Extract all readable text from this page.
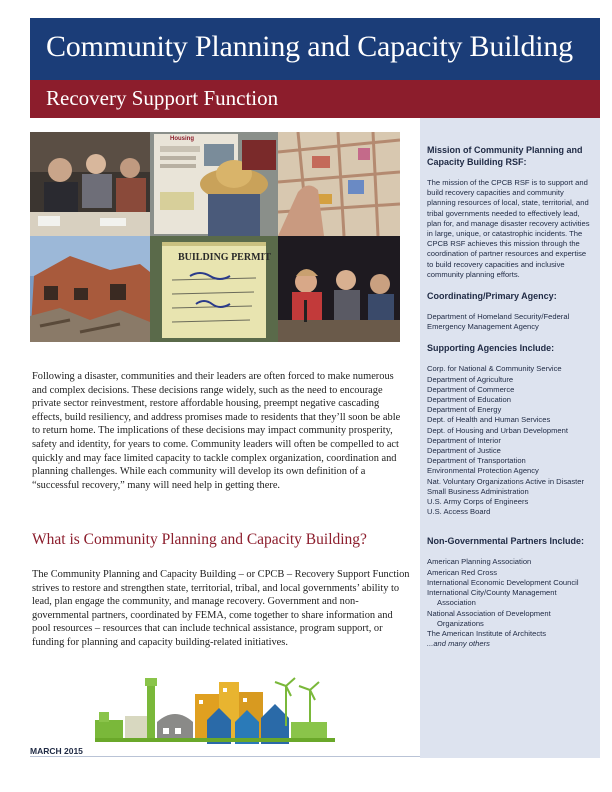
Community Planning and Capacity Building
Recovery Support Function
Housing
BUILDING PERMIT

Following a disaster, communities and their leaders are often forced to make numerous and complex decisions. These decisions range widely, such as the need to encourage private sector reinvestment, restore affordable housing, preempt negative cascading effects, build resiliency, and address promises made to residents that they’ll soon be able to return home. The implications of these decisions may impact community prosperity, safety and identity, for years to come. Community leaders will often be compelled to act quickly and may face limited capacity to tackle complex organization, coordination and planning challenges. While each community will develop its own definition of a “successful recovery,” many will need help in getting there.

What is Community Planning and Capacity Building?

The Community Planning and Capacity Building – or CPCB – Recovery Support Function strives to restore and strengthen state, territorial, tribal, and local governments’ ability to lead, plan engage the community, and manage recovery. Government and non-governmental partners, coordinated by FEMA, come together to share information and pool resources – resources that can include technical assistance, program support, or funding for planning and capacity building-related initiatives.

Mission of Community Planning and Capacity Building RSF:
The mission of the CPCB RSF is to support and build recovery capacities and community planning resources of local, state, territorial, and tribal governments needed to effectively lead, plan for, and manage disaster recovery activities in large, unique, or catastrophic incidents. The CPCB RSF achieves this mission through the coordination of partner resources and expertise to build recovery capacities and inclusive community planning efforts.
Coordinating/Primary Agency:
Department of Homeland Security/Federal Emergency Management Agency
Supporting Agencies Include:
Corp. for National & Community Service
Department of Agriculture
Department of Commerce
Department of Education
Department of Energy
Dept. of Health and Human Services
Dept. of Housing and Urban Development
Department of Interior
Department of Justice
Department of Transportation
Environmental Protection Agency
Nat. Voluntary Organizations Active in Disaster
Small Business Administration
U.S. Army Corps of Engineers
U.S. Access Board
Non-Governmental Partners Include:
American Planning Association
American Red Cross
International Economic Development Council
International City/County Management Association
National Association of Development Organizations
The American Institute of Architects
...and many others
MARCH 2015
